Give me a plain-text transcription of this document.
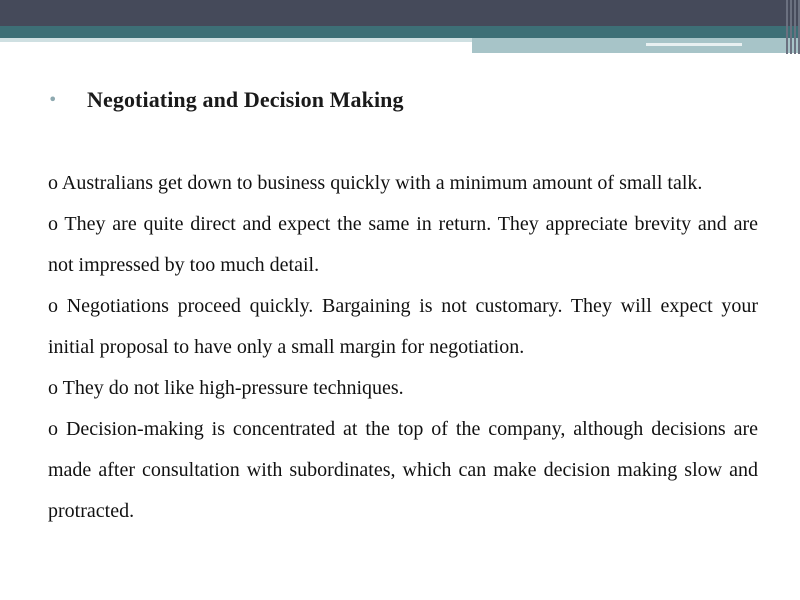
•	Negotiating and Decision Making

o Australians get down to business quickly with a minimum amount of small talk.

o They are quite direct and expect the same in return. They appreciate brevity and are not impressed by too much detail.

o Negotiations proceed quickly. Bargaining is not customary. They will expect your initial proposal to have only a small margin for negotiation.

o They do not like high-pressure techniques.

o Decision-making is concentrated at the top of the company, although decisions are made after consultation with subordinates, which can make decision making slow and protracted.
